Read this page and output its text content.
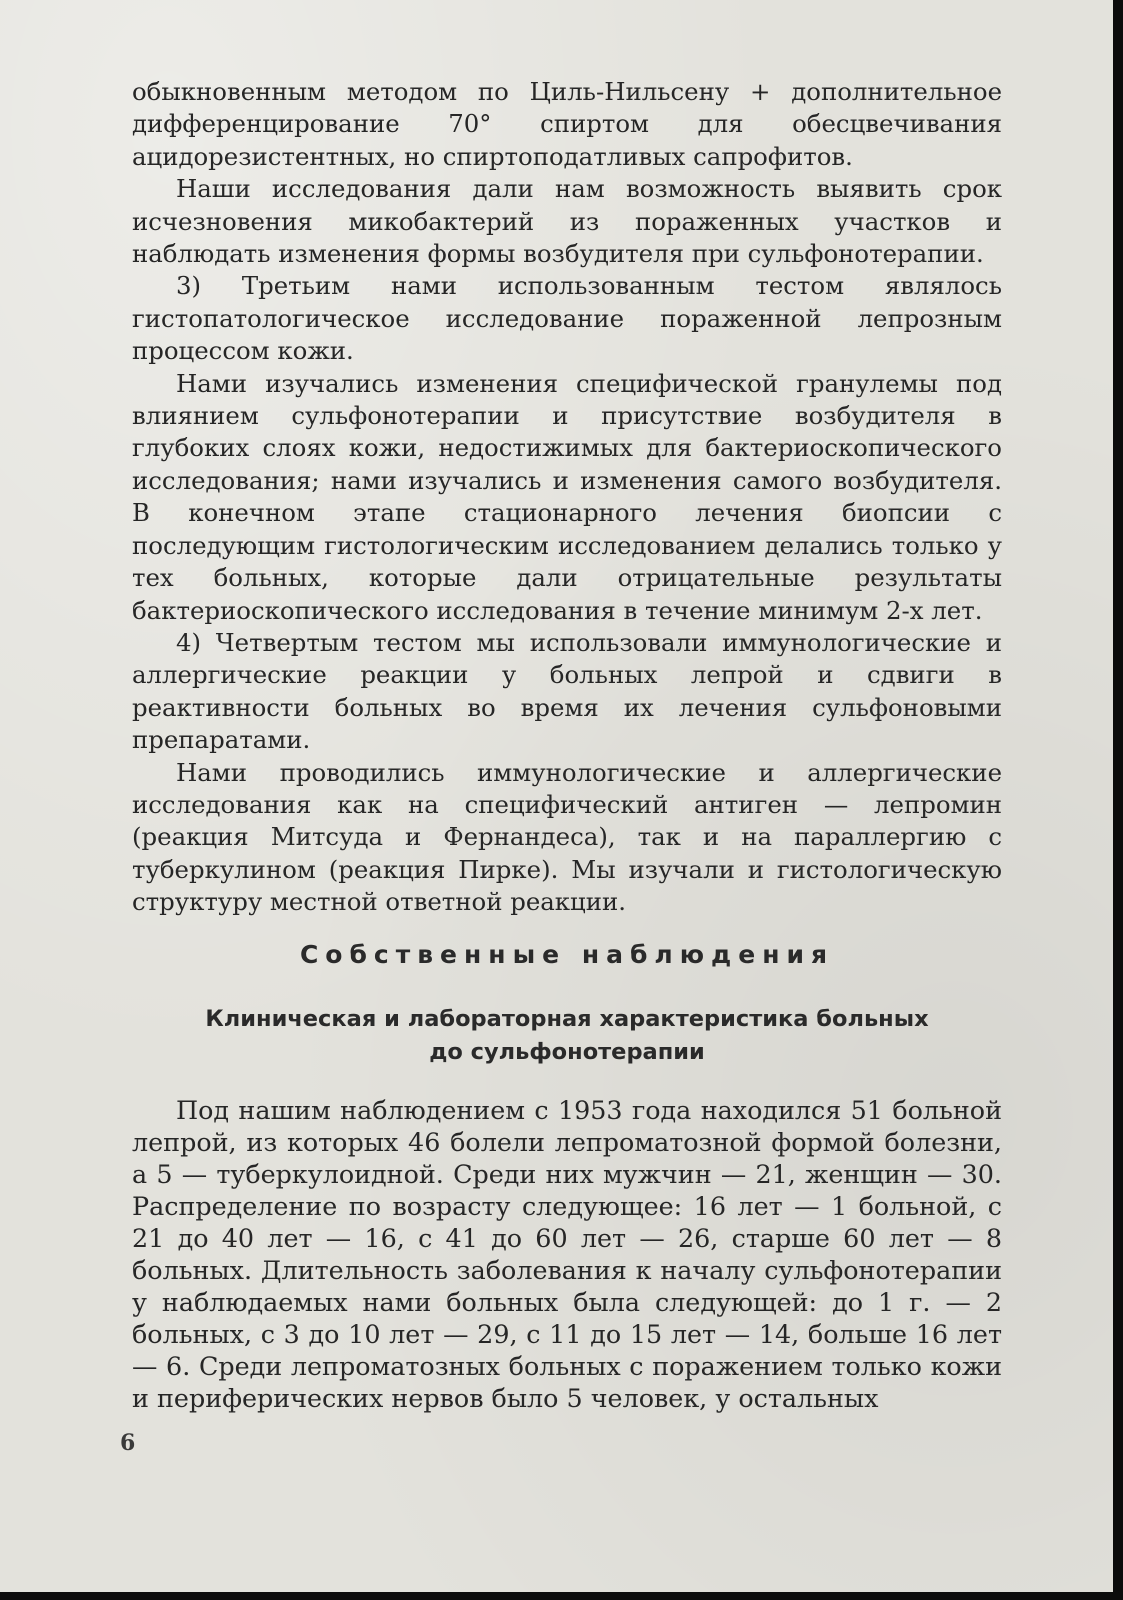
обыкновенным методом по Циль-Нильсену + дополнительное дифференцирование 70° спиртом для обесцвечивания ацидорезистентных, но спиртоподатливых сапрофитов.

Наши исследования дали нам возможность выявить срок исчезновения микобактерий из пораженных участков и наблюдать изменения формы возбудителя при сульфонотерапии.

3) Третьим нами использованным тестом являлось гистопатологическое исследование пораженной лепрозным процессом кожи.

Нами изучались изменения специфической гранулемы под влиянием сульфонотерапии и присутствие возбудителя в глубоких слоях кожи, недостижимых для бактериоскопического исследования; нами изучались и изменения самого возбудителя. В конечном этапе стационарного лечения биопсии с последующим гистологическим исследованием делались только у тех больных, которые дали отрицательные результаты бактериоскопического исследования в течение минимум 2-х лет.

4) Четвертым тестом мы использовали иммунологические и аллергические реакции у больных лепрой и сдвиги в реактивности больных во время их лечения сульфоновыми препаратами.

Нами проводились иммунологические и аллергические исследования как на специфический антиген — лепромин (реакция Митсуда и Фернандеса), так и на параллергию с туберкулином (реакция Пирке). Мы изучали и гистологическую структуру местной ответной реакции.

Собственные наблюдения
Клиническая и лабораторная характеристика больных
до сульфонотерапии

Под нашим наблюдением с 1953 года находился 51 больной лепрой, из которых 46 болели лепроматозной формой болезни, а 5 — туберкулоидной. Среди них мужчин — 21, женщин — 30. Распределение по возрасту следующее: 16 лет — 1 больной, с 21 до 40 лет — 16, с 41 до 60 лет — 26, старше 60 лет — 8 больных. Длительность заболевания к началу сульфонотерапии у наблюдаемых нами больных была следующей: до 1 г. — 2 больных, с 3 до 10 лет — 29, с 11 до 15 лет — 14, больше 16 лет — 6. Среди лепроматозных больных с поражением только кожи и периферических нервов было 5 человек, у остальных

6
